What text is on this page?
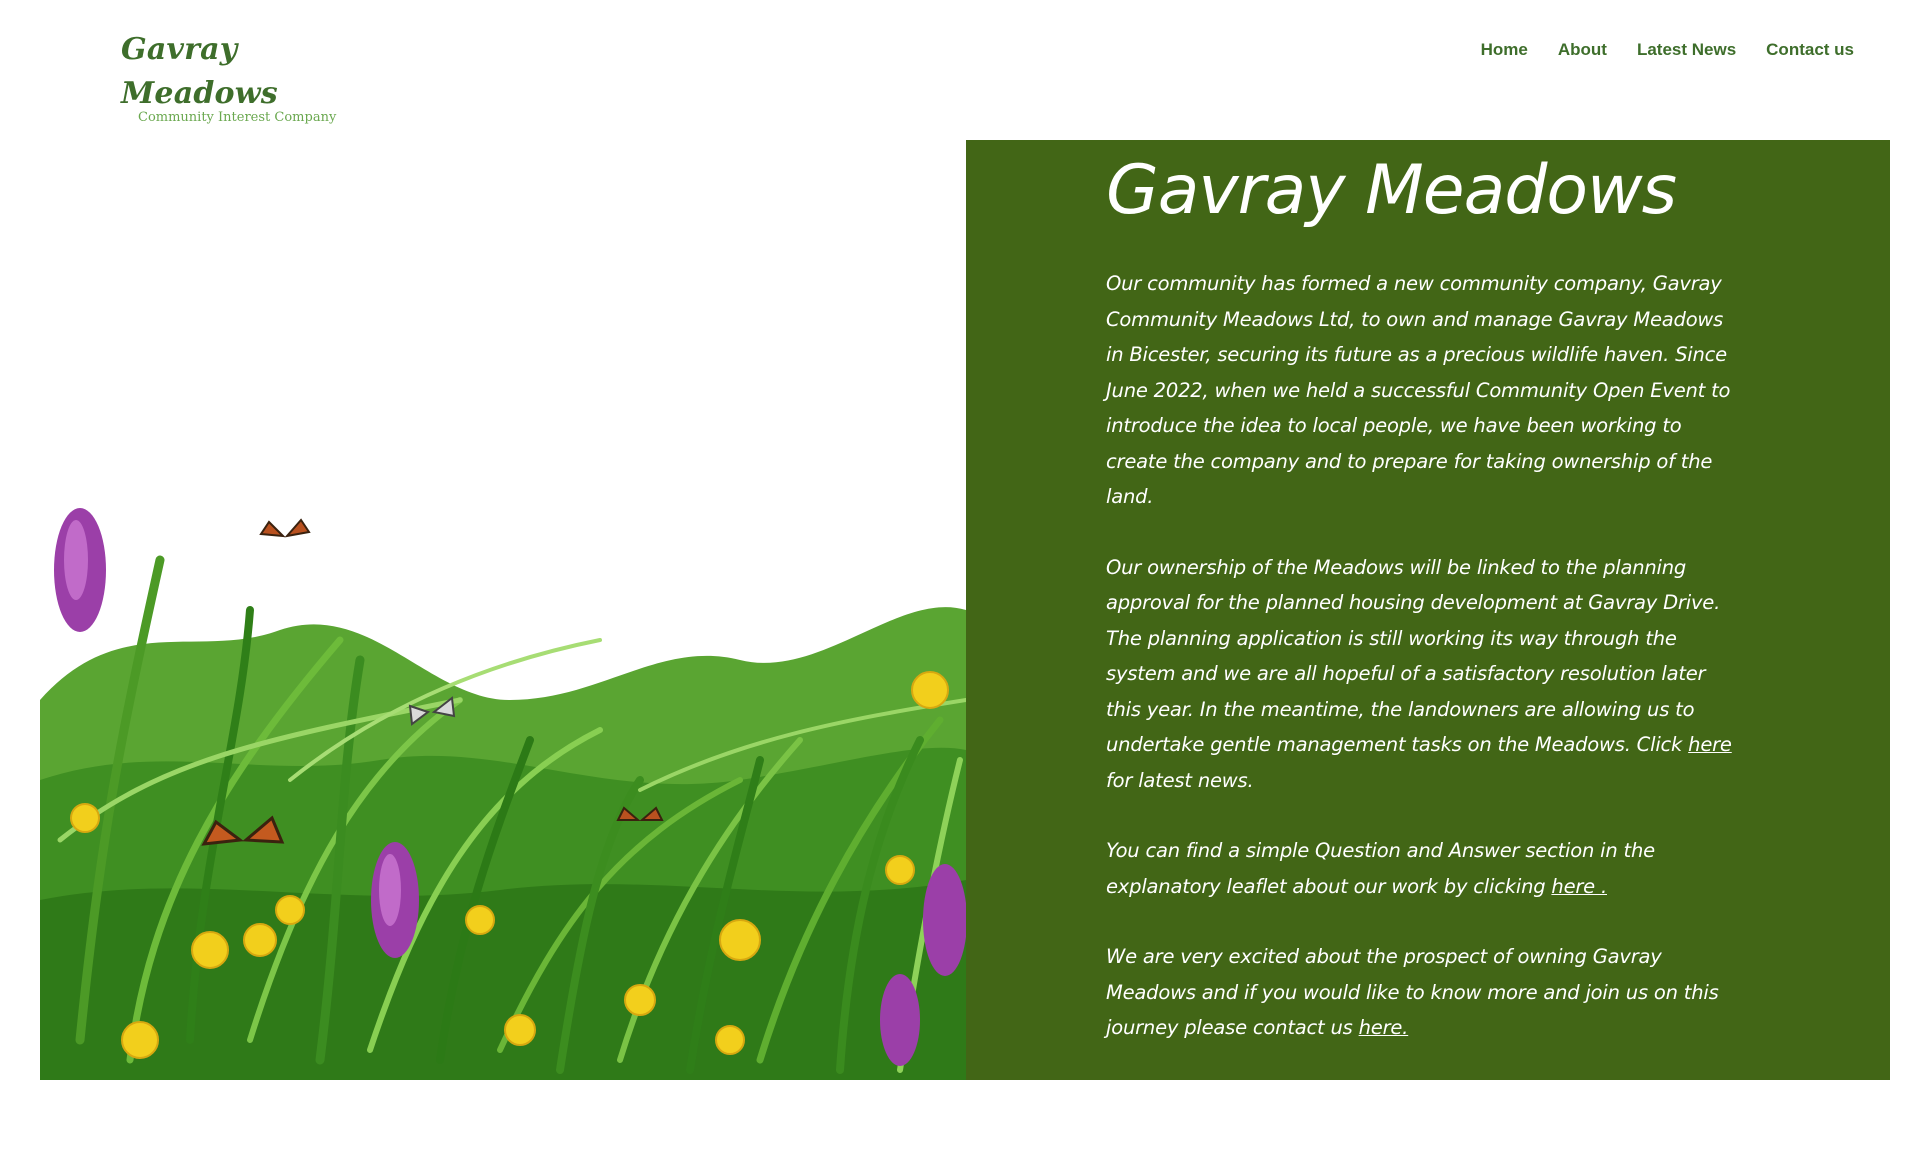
Gavray Meadows
Community Interest Company
Home About Latest News Contact us
Gavray Meadows

Our community has formed a new community company, Gavray Community Meadows Ltd, to own and manage Gavray Meadows in Bicester, securing its future as a precious wildlife haven. Since June 2022, when we held a successful Community Open Event to introduce the idea to local people, we have been working to create the company and to prepare for taking ownership of the land.

Our ownership of the Meadows will be linked to the planning approval for the planned housing development at Gavray Drive. The planning application is still working its way through the system and we are all hopeful of a satisfactory resolution later this year. In the meantime, the landowners are allowing us to undertake gentle management tasks on the Meadows. Click here for latest news.

You can find a simple Question and Answer section in the explanatory leaflet about our work by clicking here .

We are very excited about the prospect of owning Gavray Meadows and if you would like to know more and join us on this journey please contact us here.

Kind regards
